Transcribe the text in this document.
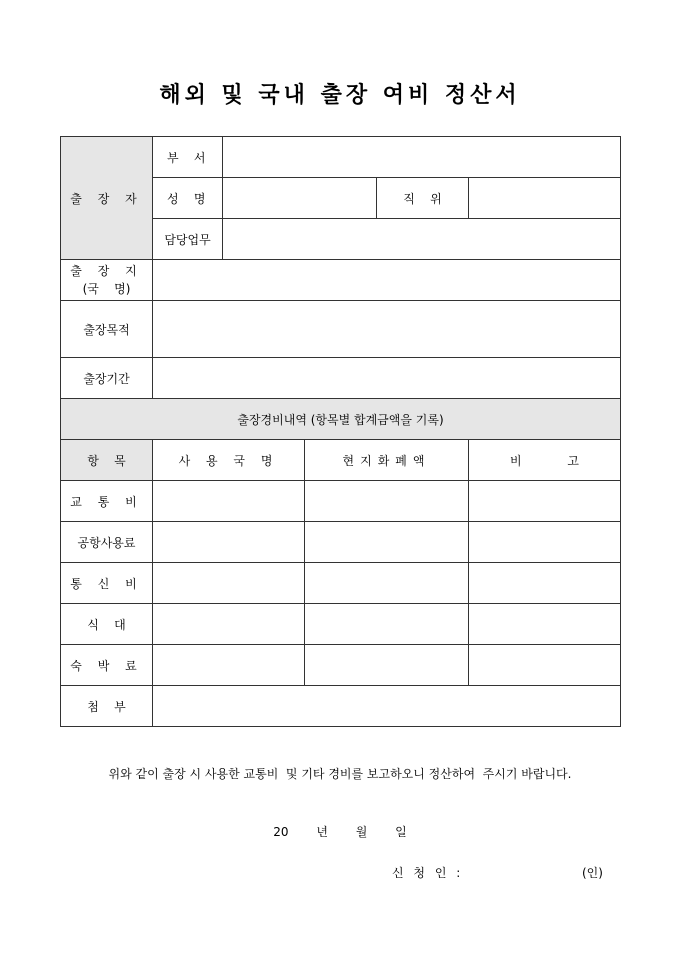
해외 및 국내 출장 여비 정산서
출 장 자	부    서				
	성    명			직    위	
	담당업무				

출 장 지
(국    명)					

출장목적					
출장기간					
출장경비내역 (항목별 합계금액을 기록)					
항    목	사 용 국 명		현지화폐액		비            고
교 통 비					
공항사용료					
통 신 비					
식    대					
숙 박 료					
첨    부					
위와 같이 출장 시 사용한 교통비  및 기타 경비를 보고하오니 정산하여  주시기 바랍니다.
20 년 월 일
신 청 인 :	(인)
